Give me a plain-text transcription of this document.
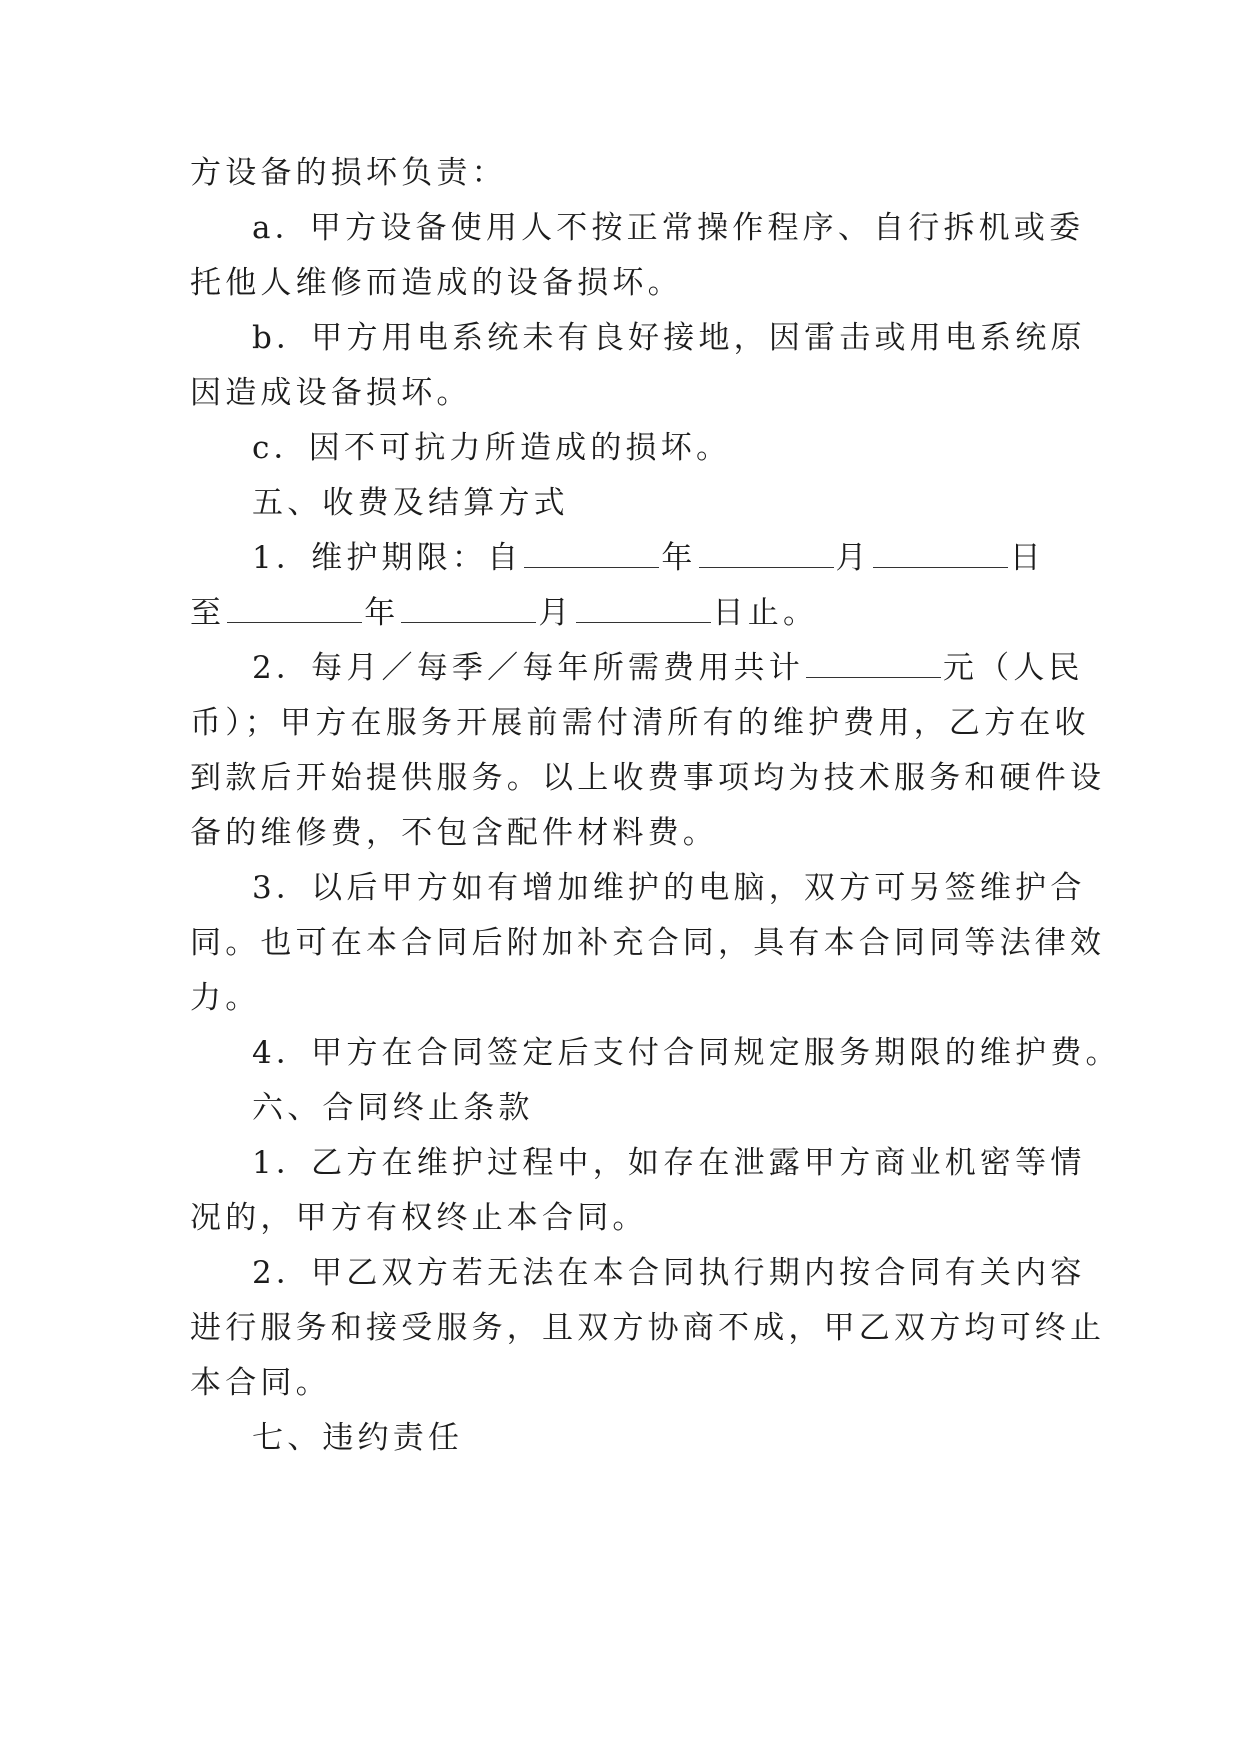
方设备的损坏负责：
a．甲方设备使用人不按正常操作程序、自行拆机或委
托他人维修而造成的设备损坏。
b．甲方用电系统未有良好接地，因雷击或用电系统原
因造成设备损坏。
c．因不可抗力所造成的损坏。
五、收费及结算方式
1．维护期限：自	年	月	日
至	年	月	日止。
2．每月／每季／每年所需费用共计	元（人民
币）；甲方在服务开展前需付清所有的维护费用，乙方在收
到款后开始提供服务。以上收费事项均为技术服务和硬件设
备的维修费，不包含配件材料费。
3．以后甲方如有增加维护的电脑，双方可另签维护合
同。也可在本合同后附加补充合同，具有本合同同等法律效
力。
4．甲方在合同签定后支付合同规定服务期限的维护费。
六、合同终止条款
1．乙方在维护过程中，如存在泄露甲方商业机密等情
况的，甲方有权终止本合同。
2．甲乙双方若无法在本合同执行期内按合同有关内容
进行服务和接受服务，且双方协商不成，甲乙双方均可终止
本合同。
七、违约责任
